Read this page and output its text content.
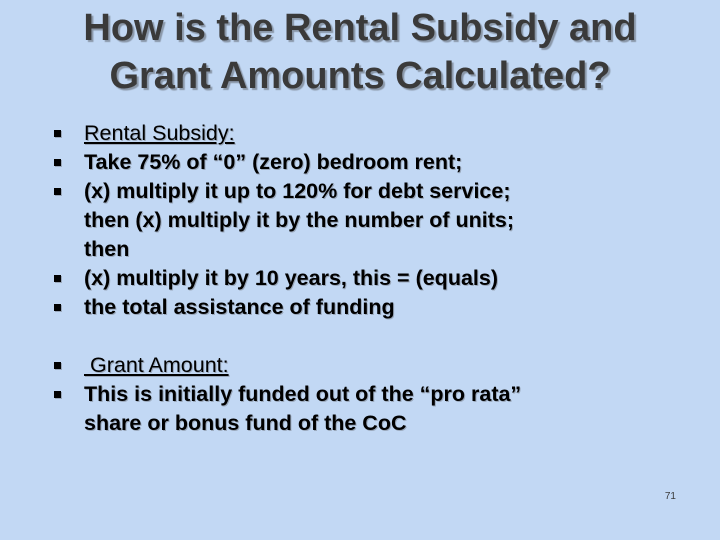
How is the Rental Subsidy and
Grant Amounts Calculated?
Rental Subsidy:
Take 75% of “0” (zero) bedroom rent;
(x) multiply it up to 120% for debt service;
then (x) multiply it by the number of units;
then
(x) multiply it by 10 years, this = (equals)
the total assistance of funding
Grant Amount:
This is initially funded out of the “pro rata”
share or bonus fund of the CoC
71
